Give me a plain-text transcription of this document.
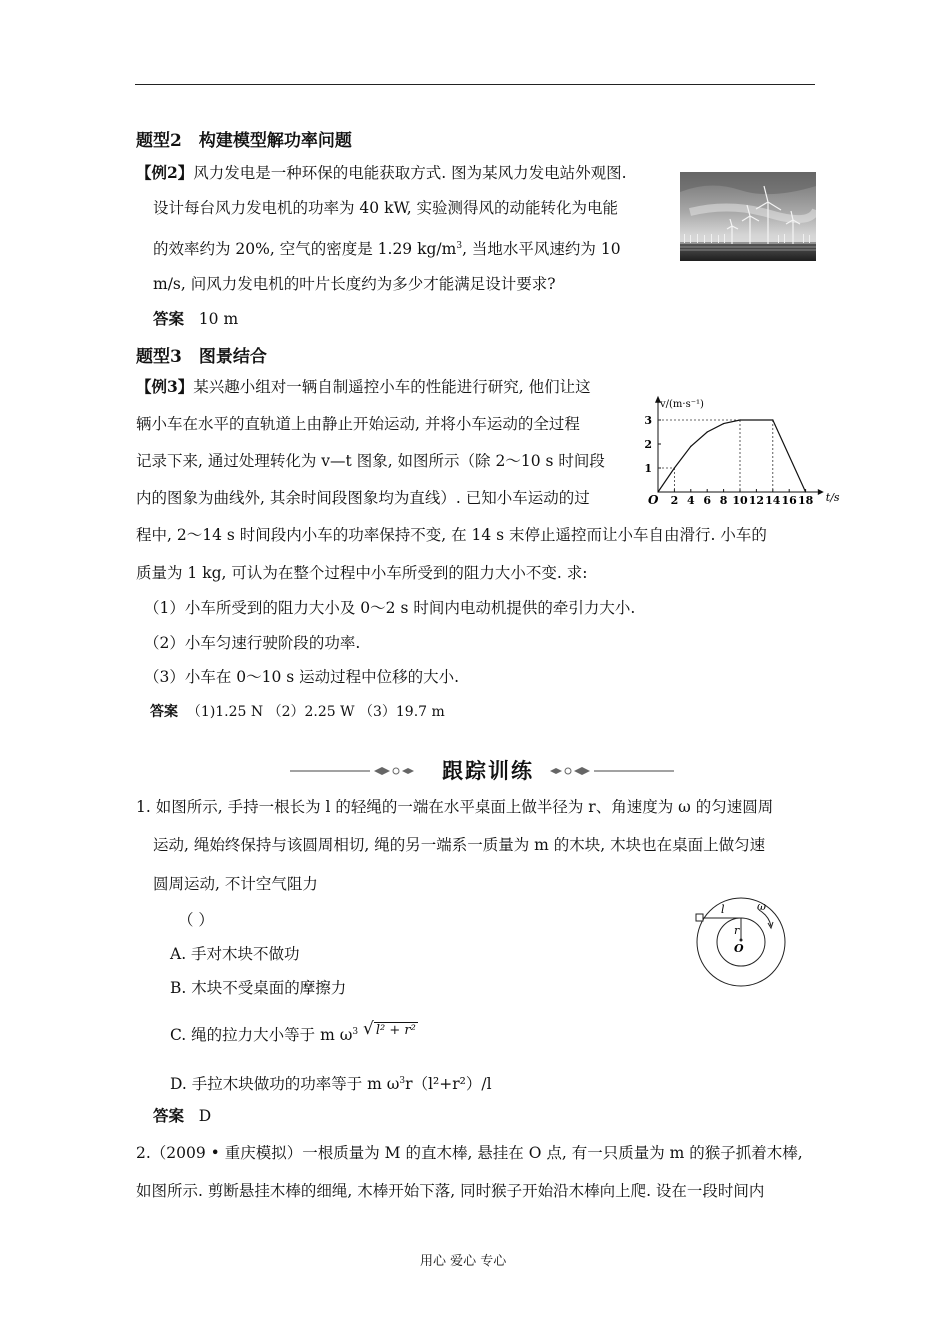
题型2　构建模型解功率问题
【例2】风力发电是一种环保的电能获取方式. 图为某风力发电站外观图.
设计每台风力发电机的功率为 40 kW, 实验测得风的动能转化为电能
的效率约为 20%, 空气的密度是 1.29 $kg/m^3$, 当地水平风速约为 10
m/s, 问风力发电机的叶片长度约为多少才能满足设计要求?
答案 10 m
题型3　图景结合
【例3】某兴趣小组对一辆自制遥控小车的性能进行研究, 他们让这
辆小车在水平的直轨道上由静止开始运动, 并将小车运动的全过程
记录下来, 通过处理转化为 v—t 图象, 如图所示（除 2～10 s 时间段
内的图象为曲线外, 其余时间段图象均为直线）. 已知小车运动的过
程中, 2～14 s 时间段内小车的功率保持不变, 在 14 s 末停止遥控而让小车自由滑行. 小车的
质量为 1 kg, 可认为在整个过程中小车所受到的阻力大小不变. 求:
（1）小车所受到的阻力大小及 0～2 s 时间内电动机提供的牵引力大小.
（2）小车匀速行驶阶段的功率.
（3）小车在 0～10 s 运动过程中位移的大小.
答案 （1)1.25 N （2）2.25 W （3）19.7 m
2 4 6 8 10 12 14 16 18
1
2
3
O
v/(m·s⁻¹)
t/s
跟踪训练
1. 如图所示, 手持一根长为 l 的轻绳的一端在水平桌面上做半径为 r、角速度为 ω 的匀速圆周
运动, 绳始终保持与该圆周相切, 绳的另一端系一质量为 m 的木块, 木块也在桌面上做匀速
圆周运动, 不计空气阻力
（ ）
A. 手对木块不做功
B. 木块不受桌面的摩擦力
C. 绳的拉力大小等于 m $\omega^3$ √ l² + r²
D. 手拉木块做功的功率等于 m $\omega^3r(l^2+r^2)/l$
答案 D
l	ω
r
O
2.（2009 • 重庆模拟）一根质量为 M 的直木棒, 悬挂在 O 点, 有一只质量为 m 的猴子抓着木棒,
如图所示. 剪断悬挂木棒的细绳, 木棒开始下落, 同时猴子开始沿木棒向上爬. 设在一段时间内
用心 爱心 专心
